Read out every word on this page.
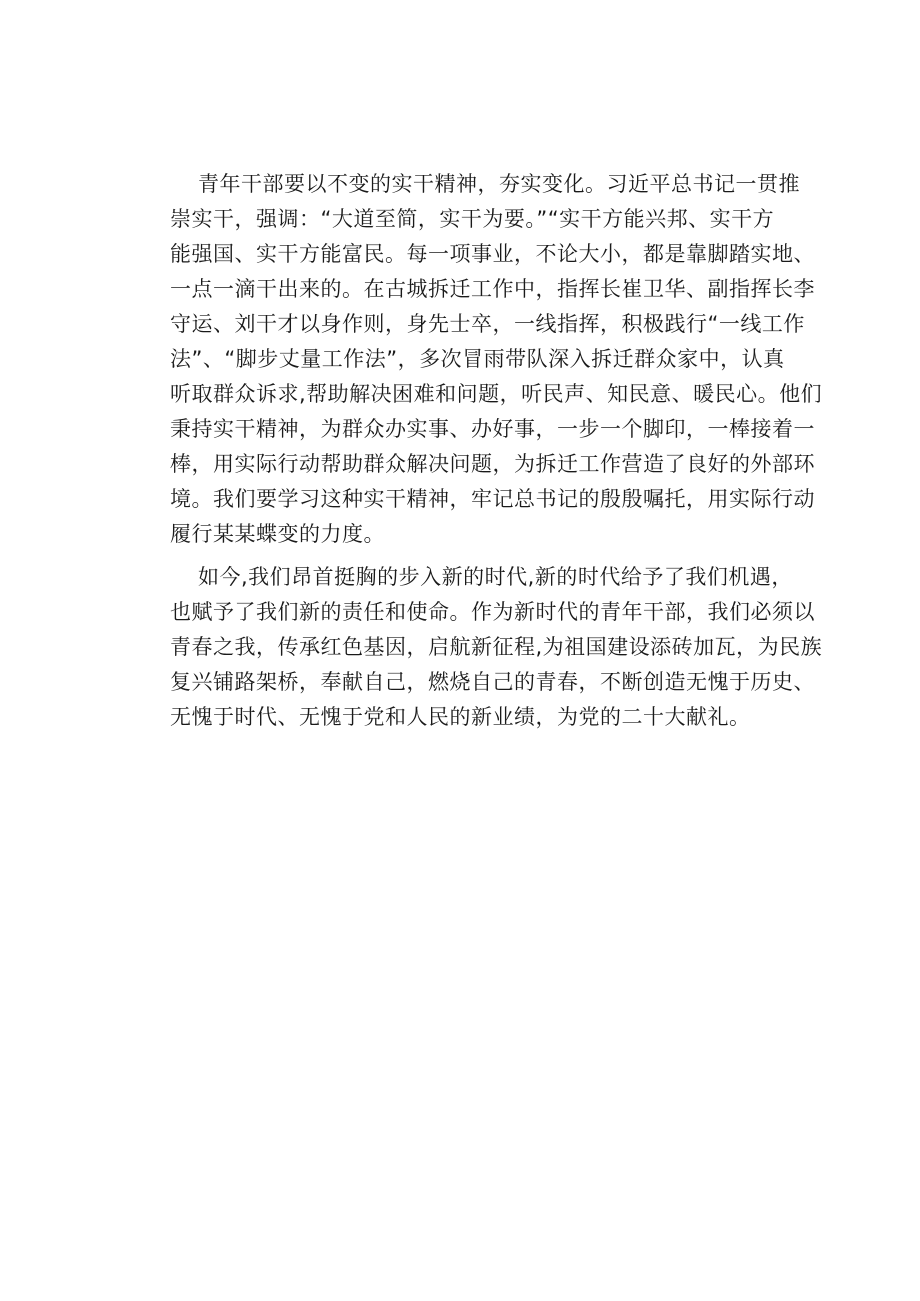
青年干部要以不变的实干精神，夯实变化。习近平总书记一贯推

崇实干，强调：“大道至简，实干为要。”“实干方能兴邦、实干方

能强国、实干方能富民。每一项事业，不论大小，都是靠脚踏实地、

一点一滴干出来的。在古城拆迁工作中，指挥长崔卫华、副指挥长李

守运、刘干才以身作则，身先士卒，一线指挥，积极践行“一线工作

法”、“脚步丈量工作法”，多次冒雨带队深入拆迁群众家中，认真

听取群众诉求,帮助解决困难和问题，听民声、知民意、暖民心。他们

秉持实干精神，为群众办实事、办好事，一步一个脚印，一棒接着一

棒，用实际行动帮助群众解决问题，为拆迁工作营造了良好的外部环

境。我们要学习这种实干精神，牢记总书记的殷殷嘱托，用实际行动

履行某某蝶变的力度。

如今,我们昂首挺胸的步入新的时代,新的时代给予了我们机遇，

也赋予了我们新的责任和使命。作为新时代的青年干部，我们必须以

青春之我，传承红色基因，启航新征程,为祖国建设添砖加瓦，为民族

复兴铺路架桥，奉献自己，燃烧自己的青春，不断创造无愧于历史、

无愧于时代、无愧于党和人民的新业绩，为党的二十大献礼。
